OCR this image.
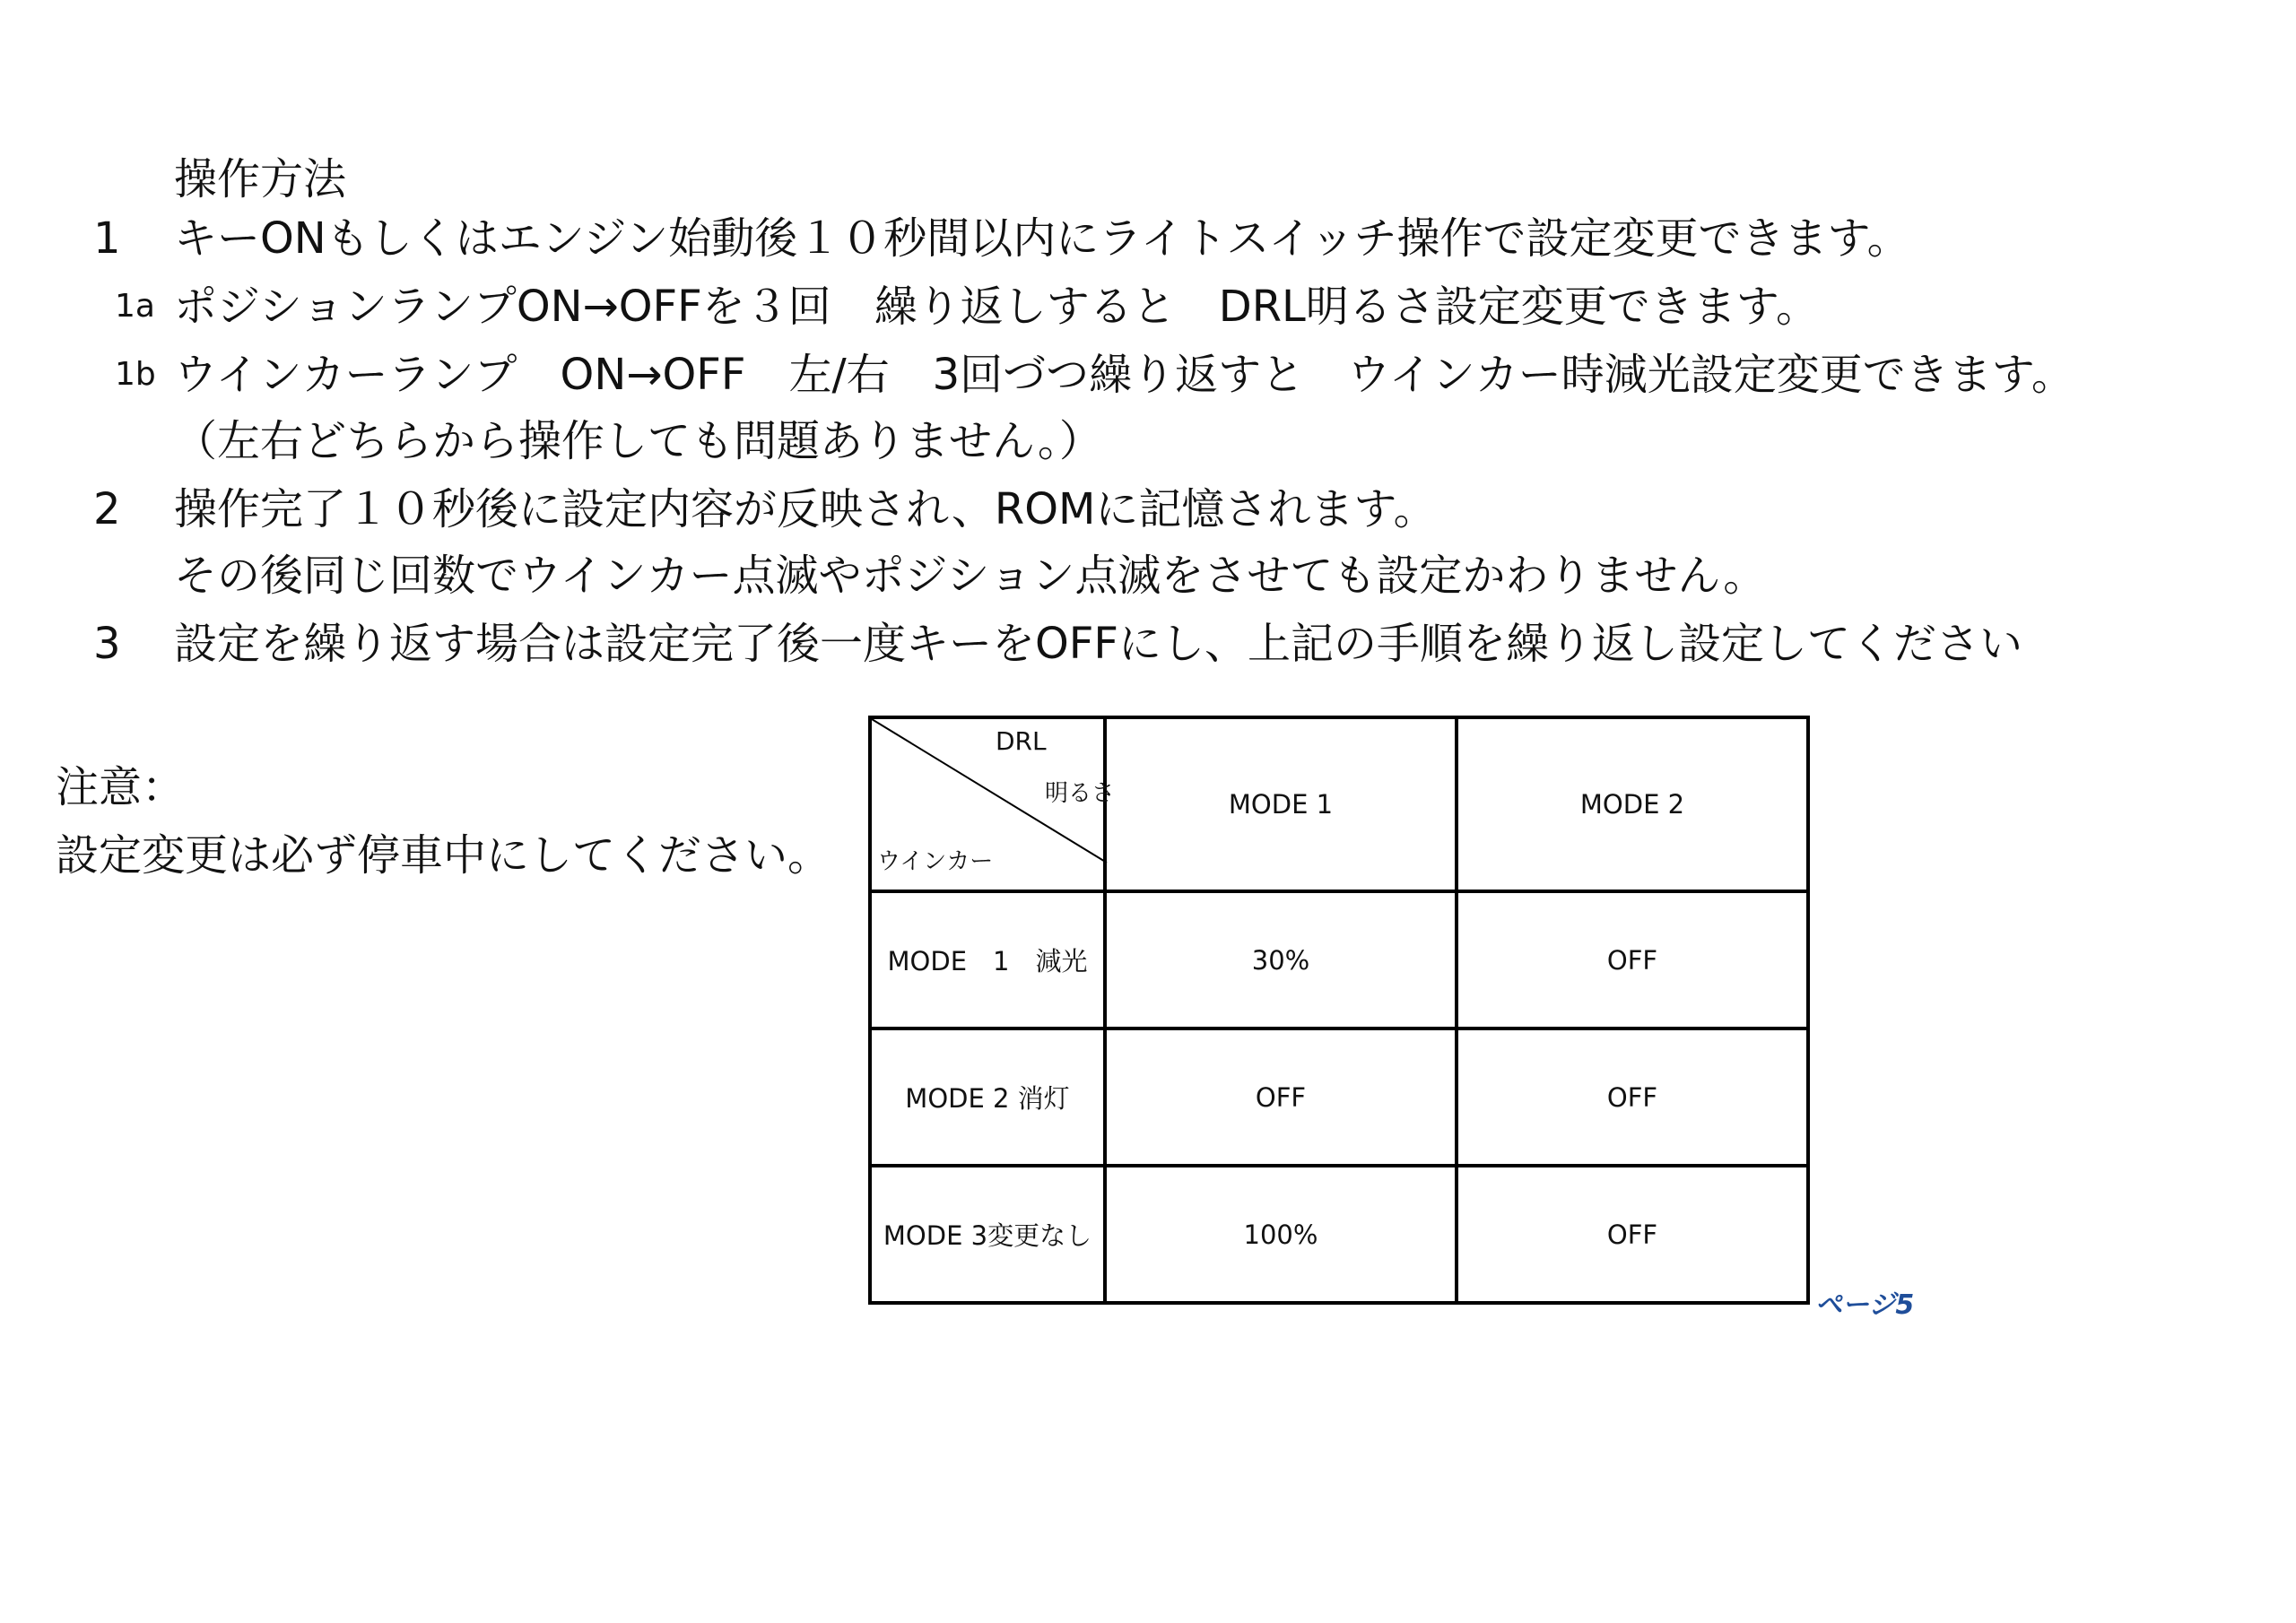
操作方法
1 キーONもしくはエンジン始動後１０秒間以内にライトスイッチ操作で設定変更できます。
1a ポジションランプON→OFFを３回　繰り返しすると　DRL明るさ設定変更できます。
1b ウインカーランプ　ON→OFF　左/右　3回づつ繰り返すと　ウインカー時減光設定変更できます。
（左右どちらから操作しても問題ありません。）
2 操作完了１０秒後に設定内容が反映され、ROMに記憶されます。
その後同じ回数でウインカー点滅やポジション点滅をさせても設定かわりません。
3 設定を繰り返す場合は設定完了後一度キーをOFFにし、上記の手順を繰り返し設定してください
注意：
設定変更は必ず停車中にしてください。
DRL
明るさ
ウインカー	MODE 1	MODE 2
MODE　1　減光	30%	OFF
MODE 2 消灯	OFF	OFF
MODE 3変更なし	100%	OFF
ページ5
